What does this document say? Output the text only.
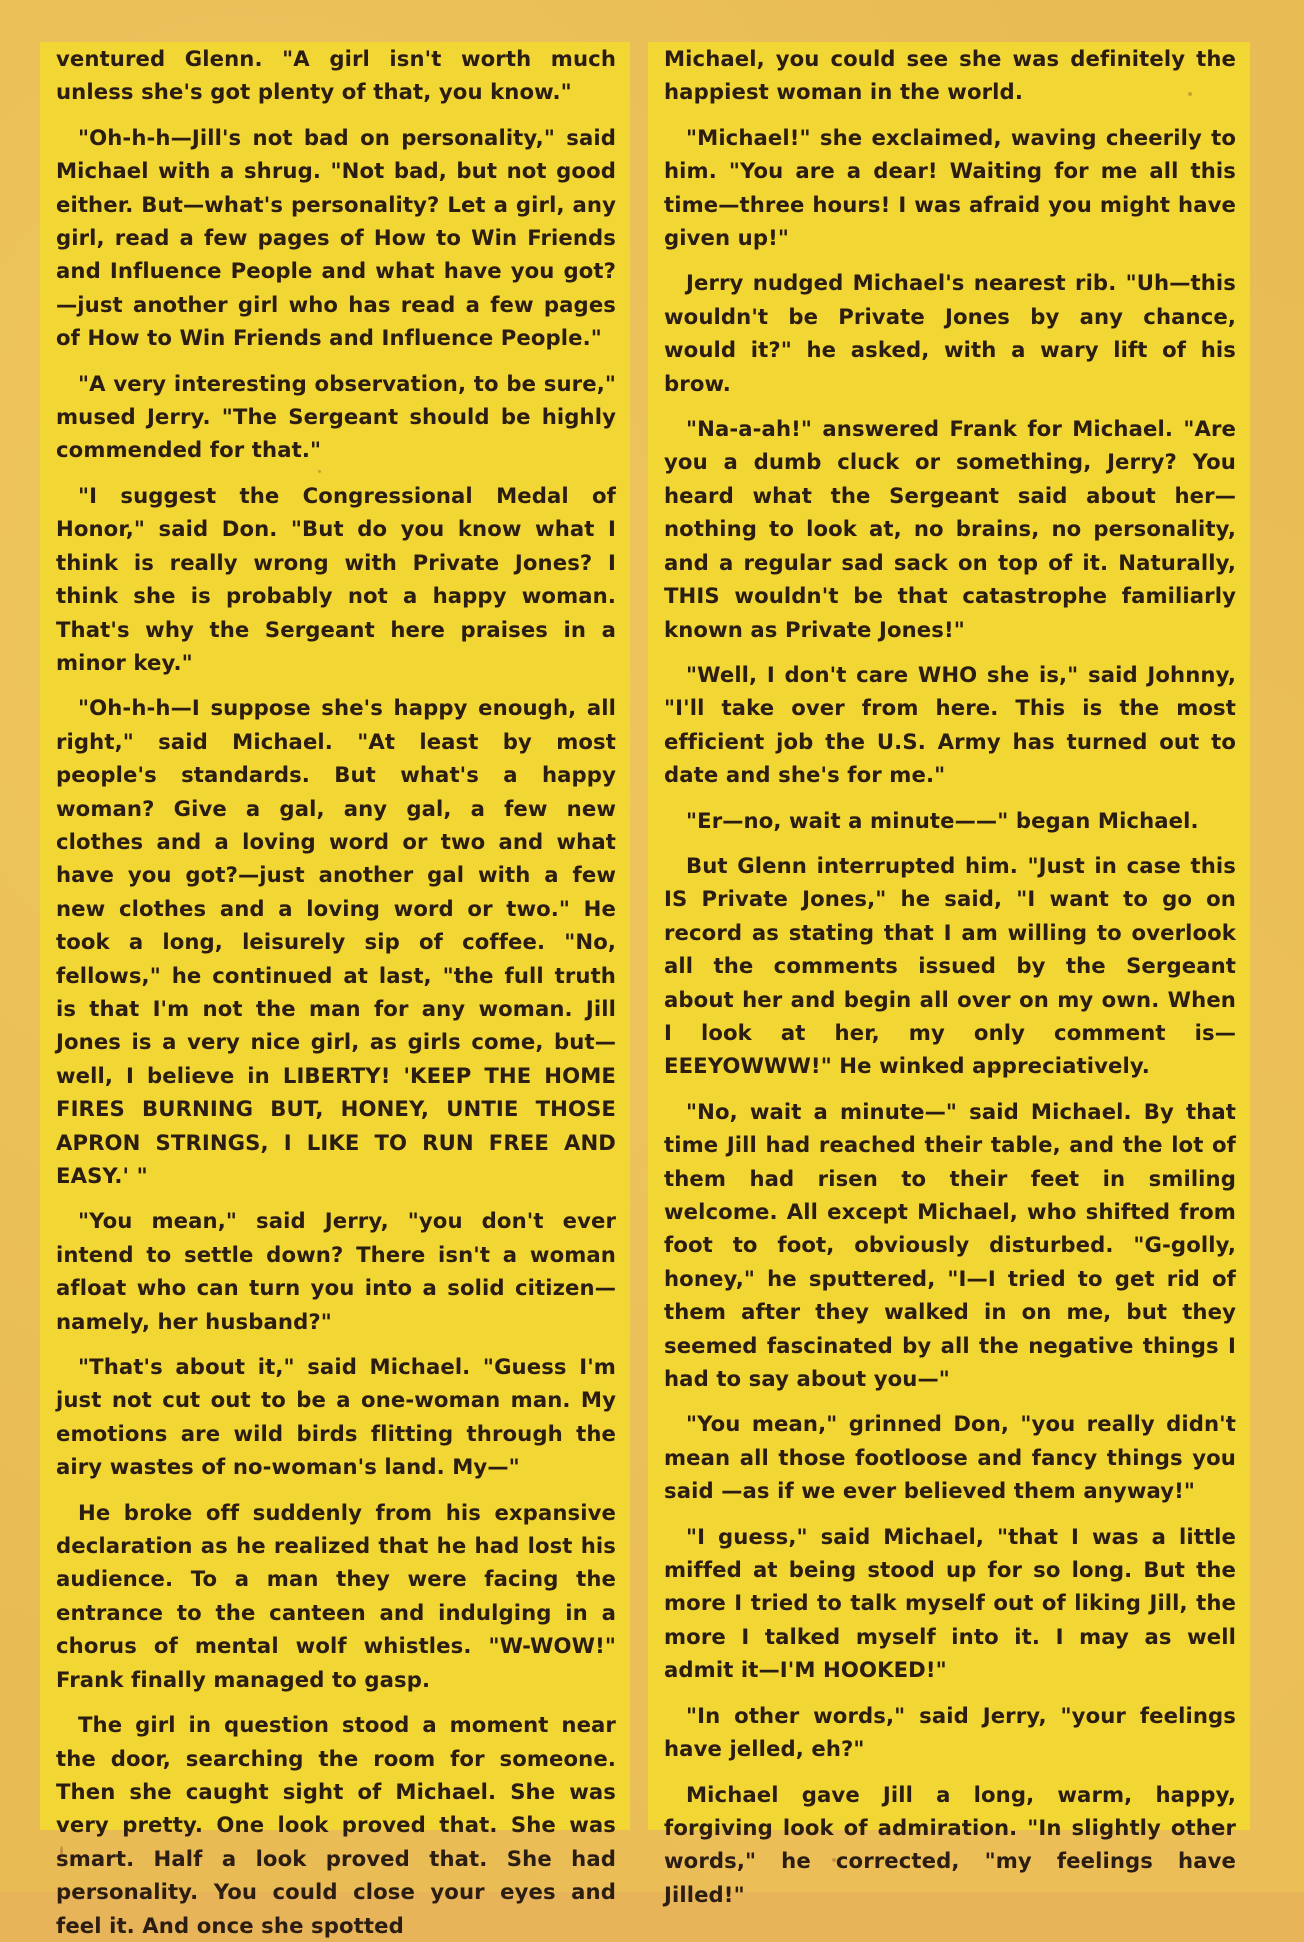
ventured Glenn. "A girl isn't worth much unless she's got plenty of that, you know."

"Oh-h-h—Jill's not bad on personality," said Michael with a shrug. "Not bad, but not good either. But—what's personality? Let a girl, any girl, read a few pages of How to Win Friends and Influence People and what have you got?—just another girl who has read a few pages of How to Win Friends and Influence People."

"A very interesting observation, to be sure," mused Jerry. "The Sergeant should be highly commended for that."

"I suggest the Congressional Medal of Honor," said Don. "But do you know what I think is really wrong with Private Jones? I think she is probably not a happy woman. That's why the Sergeant here praises in a minor key."

"Oh-h-h—I suppose she's happy enough, all right," said Michael. "At least by most people's standards. But what's a happy woman? Give a gal, any gal, a few new clothes and a loving word or two and what have you got?—just another gal with a few new clothes and a loving word or two." He took a long, leisurely sip of coffee. "No, fellows," he continued at last, "the full truth is that I'm not the man for any woman. Jill Jones is a very nice girl, as girls come, but—well, I believe in LIBERTY! 'KEEP THE HOME FIRES BURNING BUT, HONEY, UNTIE THOSE APRON STRINGS, I LIKE TO RUN FREE AND EASY.' "

"You mean," said Jerry, "you don't ever intend to settle down? There isn't a woman afloat who can turn you into a solid citizen—namely, her husband?"

"That's about it," said Michael. "Guess I'm just not cut out to be a one-woman man. My emotions are wild birds flitting through the airy wastes of no-woman's land. My—"

He broke off suddenly from his expansive declaration as he realized that he had lost his audience. To a man they were facing the entrance to the canteen and indulging in a chorus of mental wolf whistles. "W-WOW!" Frank finally managed to gasp.

The girl in question stood a moment near the door, searching the room for someone. Then she caught sight of Michael. She was very pretty. One look proved that. She was smart. Half a look proved that. She had personality. You could close your eyes and feel it. And once she spotted

Michael, you could see she was definitely the happiest woman in the world.

"Michael!" she exclaimed, waving cheerily to him. "You are a dear! Waiting for me all this time—three hours! I was afraid you might have given up!"

Jerry nudged Michael's nearest rib. "Uh—this wouldn't be Private Jones by any chance, would it?" he asked, with a wary lift of his brow.

"Na-a-ah!" answered Frank for Michael. "Are you a dumb cluck or something, Jerry? You heard what the Sergeant said about her—nothing to look at, no brains, no personality, and a regular sad sack on top of it. Naturally, THIS wouldn't be that catastrophe familiarly known as Private Jones!"

"Well, I don't care WHO she is," said Johnny, "I'll take over from here. This is the most efficient job the U.S. Army has turned out to date and she's for me."

"Er—no, wait a minute——" began Michael.

But Glenn interrupted him. "Just in case this IS Private Jones," he said, "I want to go on record as stating that I am willing to overlook all the comments issued by the Sergeant about her and begin all over on my own. When I look at her, my only comment is—EEEYOWWW!" He winked appreciatively.

"No, wait a minute—" said Michael. By that time Jill had reached their table, and the lot of them had risen to their feet in smiling welcome. All except Michael, who shifted from foot to foot, obviously disturbed. "G-golly, honey," he sputtered, "I—I tried to get rid of them after they walked in on me, but they seemed fascinated by all the negative things I had to say about you—"

"You mean," grinned Don, "you really didn't mean all those footloose and fancy things you said —as if we ever believed them anyway!"

"I guess," said Michael, "that I was a little miffed at being stood up for so long. But the more I tried to talk myself out of liking Jill, the more I talked myself into it. I may as well admit it—I'M HOOKED!"

"In other words," said Jerry, "your feelings have jelled, eh?"

Michael gave Jill a long, warm, happy, forgiving look of admiration. "In slightly other words," he corrected, "my feelings have Jilled!"
